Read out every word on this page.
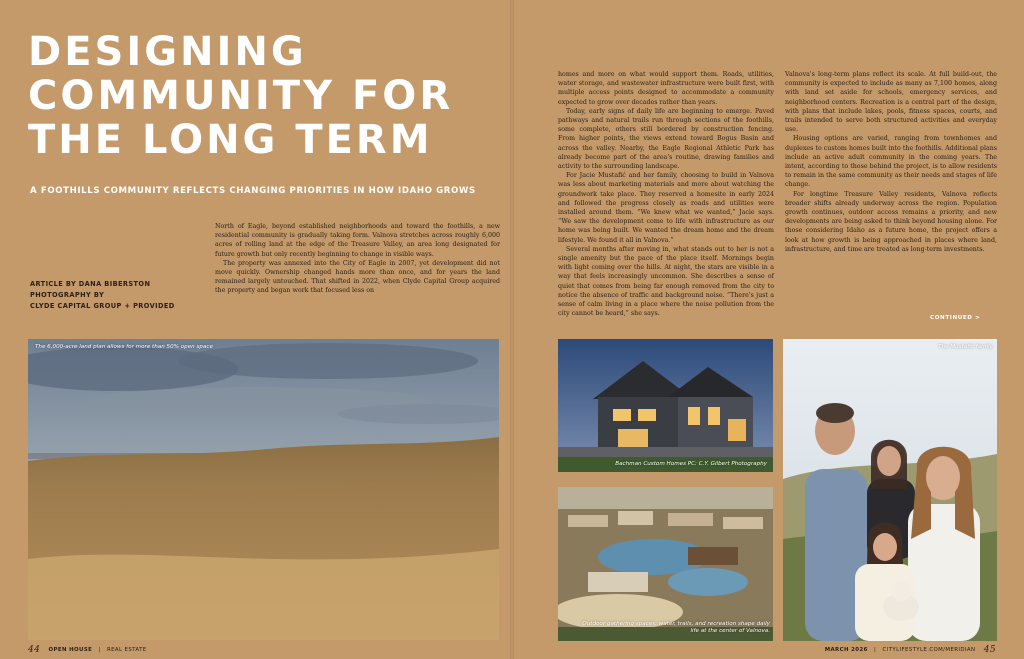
DESIGNING
COMMUNITY FOR
THE LONG TERM

A FOOTHILLS COMMUNITY REFLECTS CHANGING PRIORITIES IN HOW IDAHO GROWS

ARTICLE BY DANA BIBERSTON
PHOTOGRAPHY BY
CLYDE CAPITAL GROUP + PROVIDED

North of Eagle, beyond established neighborhoods and toward the foothills, a new residential community is gradually taking form. Valnova stretches across roughly 6,000 acres of rolling land at the edge of the Treasure Valley, an area long designated for future growth but only recently beginning to change in visible ways.

The property was annexed into the City of Eagle in 2007, yet development did not move quickly. Ownership changed hands more than once, and for years the land remained largely untouched. That shifted in 2022, when Clyde Capital Group acquired the property and began work that focused less on

homes and more on what would support them. Roads, utilities, water storage, and wastewater infrastructure were built first, with multiple access points designed to accommodate a community expected to grow over decades rather than years.

Today, early signs of daily life are beginning to emerge. Paved pathways and natural trails run through sections of the foothills, some complete, others still bordered by construction fencing. From higher points, the views extend toward Bogus Basin and across the valley. Nearby, the Eagle Regional Athletic Park has already become part of the area's routine, drawing families and activity to the surrounding landscape.

For Jacie Mustafić and her family, choosing to build in Valnova was less about marketing materials and more about watching the groundwork take place. They reserved a homesite in early 2024 and followed the progress closely as roads and utilities were installed around them. “We knew what we wanted,” Jacie says. “We saw the development come to life with infrastructure as our home was being built. We wanted the dream home and the dream lifestyle. We found it all in Valnova.”

Several months after moving in, what stands out to her is not a single amenity but the pace of the place itself. Mornings begin with light coming over the hills. At night, the stars are visible in a way that feels increasingly uncommon. She describes a sense of quiet that comes from being far enough removed from the city to notice the absence of traffic and background noise. “There's just a sense of calm living in a place where the noise pollution from the city cannot be heard,” she says.

Valnova's long-term plans reflect its scale. At full build-out, the community is expected to include as many as 7,100 homes, along with land set aside for schools, emergency services, and neighborhood centers. Recreation is a central part of the design, with plans that include lakes, pools, fitness spaces, courts, and trails intended to serve both structured activities and everyday use.

Housing options are varied, ranging from townhomes and duplexes to custom homes built into the foothills. Additional plans include an active adult community in the coming years. The intent, according to those behind the project, is to allow residents to remain in the same community as their needs and stages of life change.

For longtime Treasure Valley residents, Valnova reflects broader shifts already underway across the region. Population growth continues, outdoor access remains a priority, and new developments are being asked to think beyond housing alone. For those considering Idaho as a future home, the project offers a look at how growth is being approached in places where land, infrastructure, and time are treated as long-term investments.

CONTINUED >
The 6,000-acre land plan allows for more than 50% open space
Bachman Custom Homes PC: C.Y. Gilbert Photography
Outdoor gathering spaces, water, trails, and recreation shape daily life at the center of Valnova.
The Mustafić family
44 OPEN HOUSE | REAL ESTATE	MARCH 2026 | CITYLIFESTYLE.COM/MERIDIAN 45
